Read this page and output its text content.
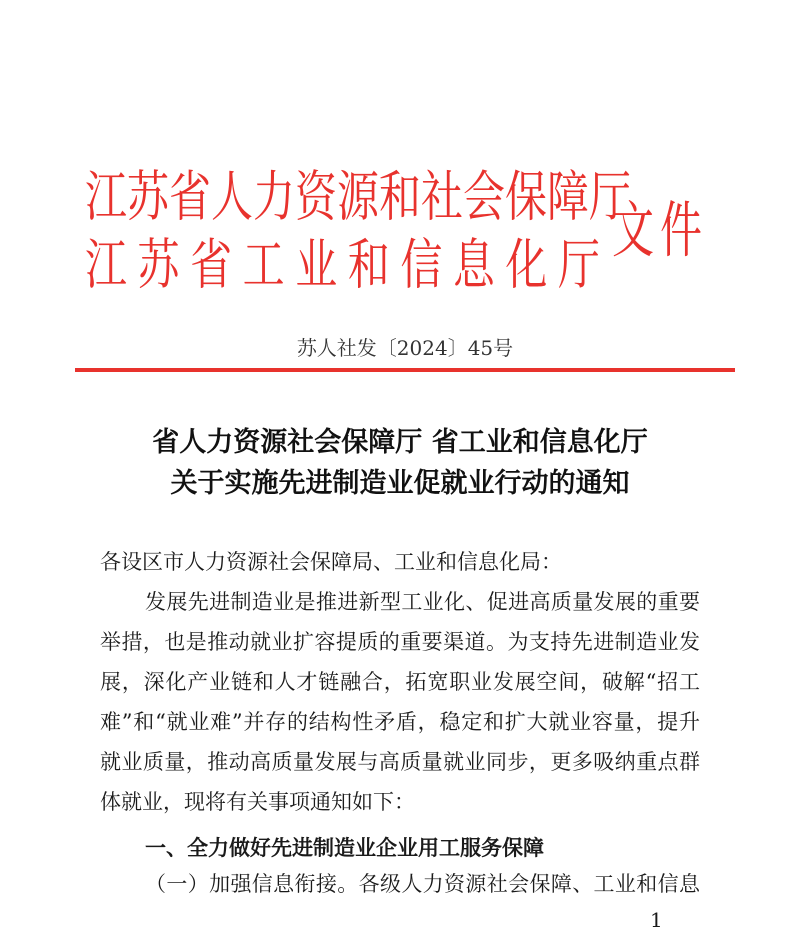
江苏省人力资源和社会保障厅
江苏省工业和信息化厅 文件
苏人社发〔2024〕45号
省人力资源社会保障厅 省工业和信息化厅
关于实施先进制造业促就业行动的通知
各设区市人力资源社会保障局、工业和信息化局：
发展先进制造业是推进新型工业化、促进高质量发展的重要
举措，也是推动就业扩容提质的重要渠道。为支持先进制造业发
展，深化产业链和人才链融合，拓宽职业发展空间，破解“招工
难”和“就业难”并存的结构性矛盾，稳定和扩大就业容量，提升
就业质量，推动高质量发展与高质量就业同步，更多吸纳重点群
体就业，现将有关事项通知如下：
一、全力做好先进制造业企业用工服务保障
（一）加强信息衔接。各级人力资源社会保障、工业和信息
1
